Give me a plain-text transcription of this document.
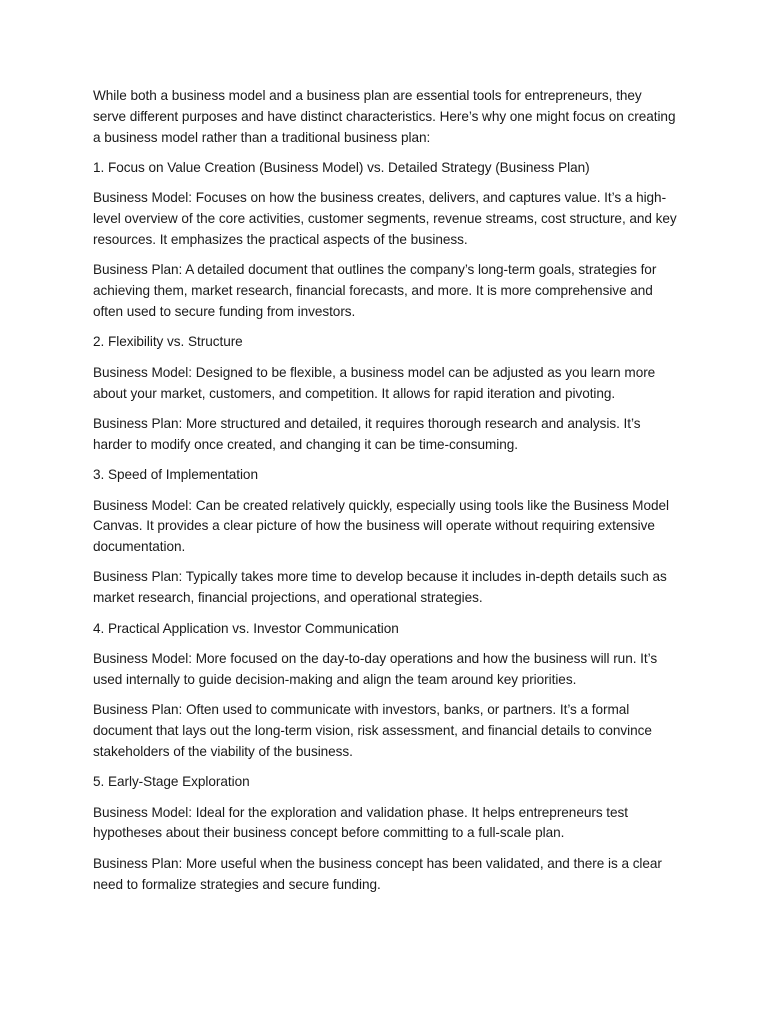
While both a business model and a business plan are essential tools for entrepreneurs, they serve different purposes and have distinct characteristics. Here’s why one might focus on creating a business model rather than a traditional business plan:

1. Focus on Value Creation (Business Model) vs. Detailed Strategy (Business Plan)

Business Model: Focuses on how the business creates, delivers, and captures value. It’s a high-level overview of the core activities, customer segments, revenue streams, cost structure, and key resources. It emphasizes the practical aspects of the business.

Business Plan: A detailed document that outlines the company’s long-term goals, strategies for achieving them, market research, financial forecasts, and more. It is more comprehensive and often used to secure funding from investors.

2. Flexibility vs. Structure

Business Model: Designed to be flexible, a business model can be adjusted as you learn more about your market, customers, and competition. It allows for rapid iteration and pivoting.

Business Plan: More structured and detailed, it requires thorough research and analysis. It’s harder to modify once created, and changing it can be time-consuming.

3. Speed of Implementation

Business Model: Can be created relatively quickly, especially using tools like the Business Model Canvas. It provides a clear picture of how the business will operate without requiring extensive documentation.

Business Plan: Typically takes more time to develop because it includes in-depth details such as market research, financial projections, and operational strategies.

4. Practical Application vs. Investor Communication

Business Model: More focused on the day-to-day operations and how the business will run. It’s used internally to guide decision-making and align the team around key priorities.

Business Plan: Often used to communicate with investors, banks, or partners. It’s a formal document that lays out the long-term vision, risk assessment, and financial details to convince stakeholders of the viability of the business.

5. Early-Stage Exploration

Business Model: Ideal for the exploration and validation phase. It helps entrepreneurs test hypotheses about their business concept before committing to a full-scale plan.

Business Plan: More useful when the business concept has been validated, and there is a clear need to formalize strategies and secure funding.
